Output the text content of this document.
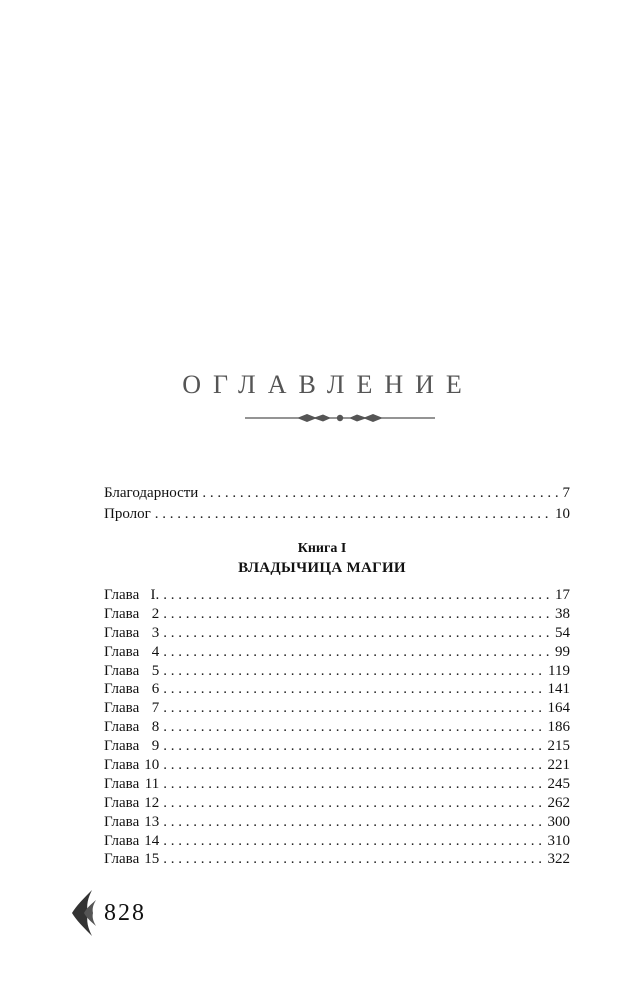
ОГЛАВЛЕНИЕ
Благодарности . . .	7
Пролог . . .	10
Книга I
ВЛАДЫЧИЦА МАГИИ
Глава I. . . .	17
Глава 2 . . .	38
Глава 3 . . .	54
Глава 4 . . .	99
Глава 5 . . .	119
Глава 6 . . .	141
Глава 7 . . .	164
Глава 8 . . .	186
Глава 9 . . .	215
Глава 10 . . .	221
Глава 11 . . .	245
Глава 12 . . .	262
Глава 13 . . .	300
Глава 14 . . .	310
Глава 15 . . .	322
828
